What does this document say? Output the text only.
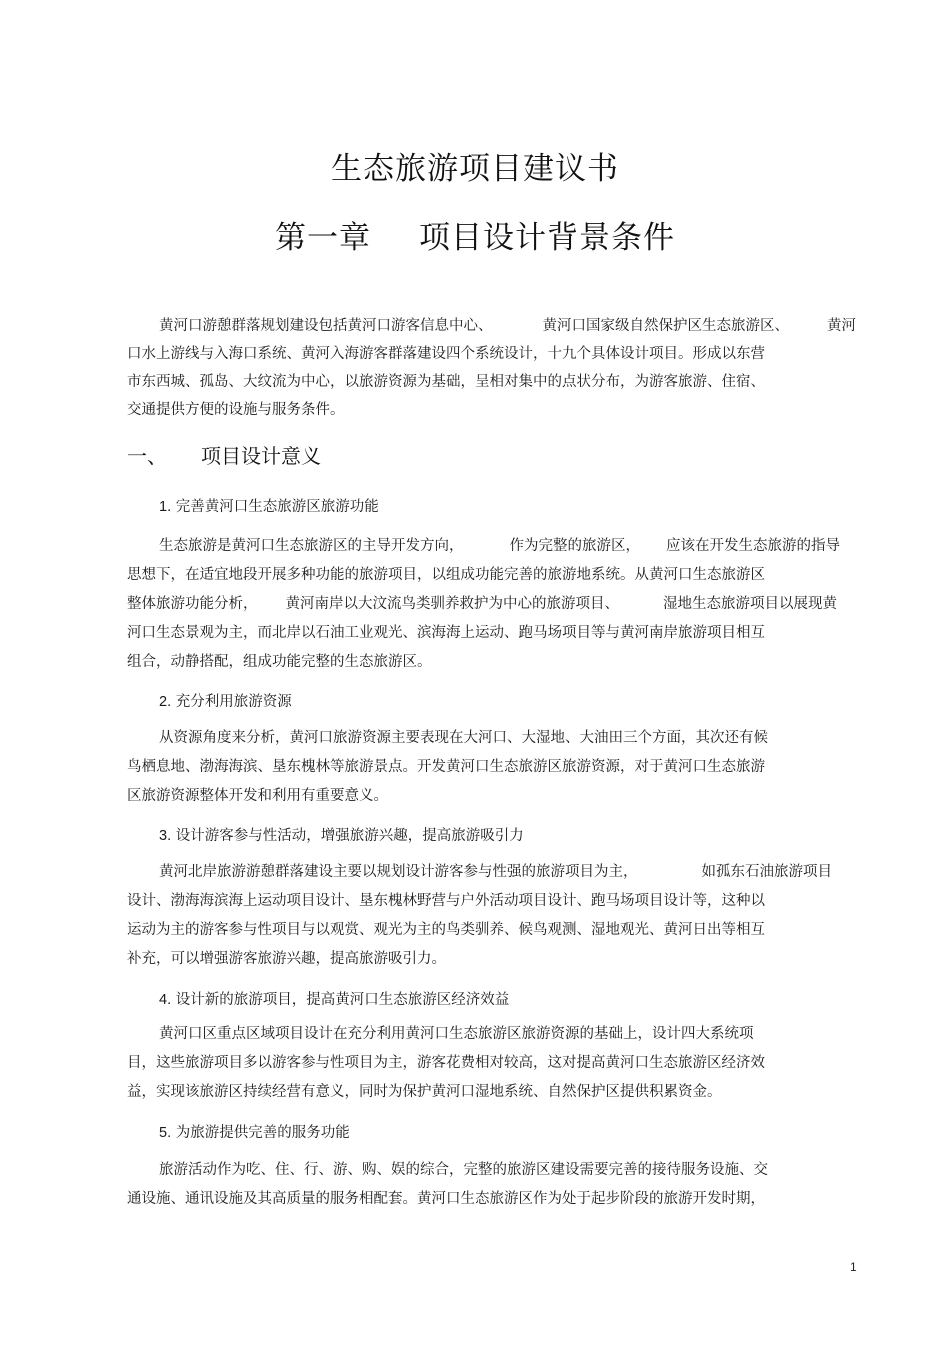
生态旅游项目建议书
第一章 项目设计背景条件
黄河口游憩群落规划建设包括黄河口游客信息中心、	黄河口国家级自然保护区生态旅游区、	黄河
口水上游线与入海口系统、黄河入海游客群落建设四个系统设计，十九个具体设计项目。形成以东营
市东西城、孤岛、大纹流为中心，以旅游资源为基础，呈相对集中的点状分布，为游客旅游、住宿、
交通提供方便的设施与服务条件。
一、 项目设计意义
1. 完善黄河口生态旅游区旅游功能
生态旅游是黄河口生态旅游区的主导开发方向，	作为完整的旅游区， 应该在开发生态旅游的指导
思想下，在适宜地段开展多种功能的旅游项目，以组成功能完善的旅游地系统。从黄河口生态旅游区
整体旅游功能分析， 黄河南岸以大汶流鸟类驯养救护为中心的旅游项目、	湿地生态旅游项目以展现黄
河口生态景观为主，而北岸以石油工业观光、滨海海上运动、跑马场项目等与黄河南岸旅游项目相互
组合，动静搭配，组成功能完整的生态旅游区。
2. 充分利用旅游资源
从资源角度来分析，黄河口旅游资源主要表现在大河口、大湿地、大油田三个方面，其次还有候
鸟栖息地、渤海海滨、垦东槐林等旅游景点。开发黄河口生态旅游区旅游资源，对于黄河口生态旅游
区旅游资源整体开发和利用有重要意义。
3. 设计游客参与性活动，增强旅游兴趣，提高旅游吸引力
黄河北岸旅游游憩群落建设主要以规划设计游客参与性强的旅游项目为主，	如孤东石油旅游项目
设计、渤海海滨海上运动项目设计、垦东槐林野营与户外活动项目设计、跑马场项目设计等，这种以
运动为主的游客参与性项目与以观赏、观光为主的鸟类驯养、候鸟观测、湿地观光、黄河日出等相互
补充，可以增强游客旅游兴趣，提高旅游吸引力。
4. 设计新的旅游项目，提高黄河口生态旅游区经济效益
黄河口区重点区域项目设计在充分利用黄河口生态旅游区旅游资源的基础上，设计四大系统项
目，这些旅游项目多以游客参与性项目为主，游客花费相对较高，这对提高黄河口生态旅游区经济效
益，实现该旅游区持续经营有意义，同时为保护黄河口湿地系统、自然保护区提供积累资金。
5. 为旅游提供完善的服务功能
旅游活动作为吃、住、行、游、购、娱的综合，完整的旅游区建设需要完善的接待服务设施、交
通设施、通讯设施及其高质量的服务相配套。黄河口生态旅游区作为处于起步阶段的旅游开发时期，
1
